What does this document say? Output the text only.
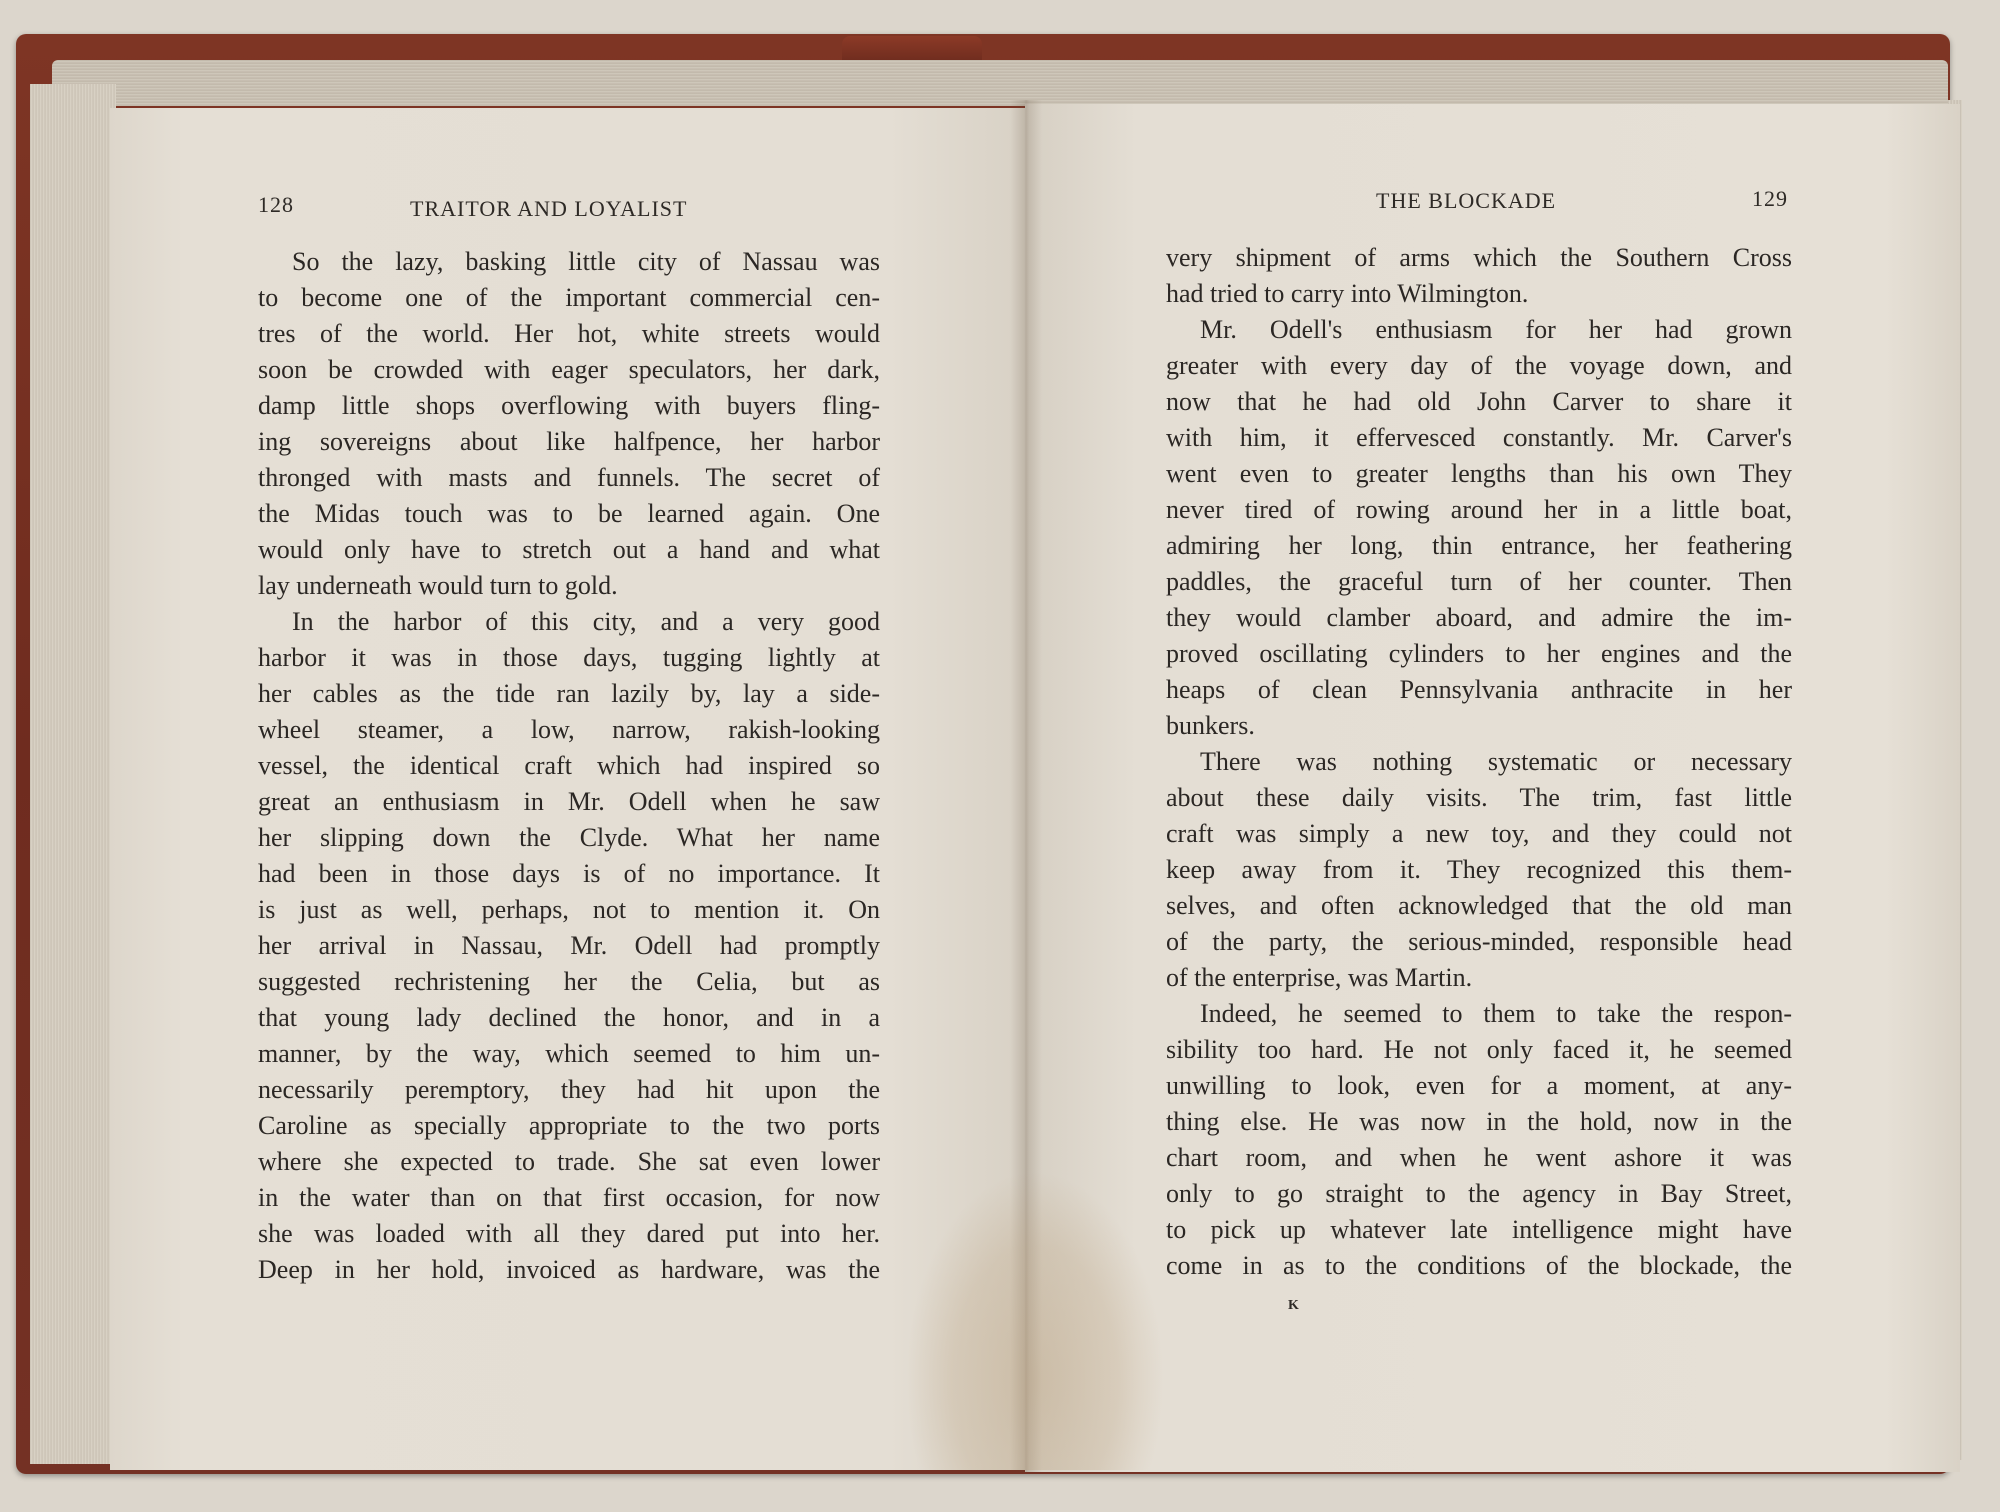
128	TRAITOR AND LOYALIST	THE BLOCKADE	129
So the lazy, basking little city of Nassau was
to become one of the important commercial cen-
tres of the world. Her hot, white streets would
soon be crowded with eager speculators, her dark,
damp little shops overflowing with buyers fling-
ing sovereigns about like halfpence, her harbor
thronged with masts and funnels. The secret of
the Midas touch was to be learned again. One
would only have to stretch out a hand and what
lay underneath would turn to gold.
In the harbor of this city, and a very good
harbor it was in those days, tugging lightly at
her cables as the tide ran lazily by, lay a side-
wheel steamer, a low, narrow, rakish-looking
vessel, the identical craft which had inspired so
great an enthusiasm in Mr. Odell when he saw
her slipping down the Clyde. What her name
had been in those days is of no importance. It
is just as well, perhaps, not to mention it. On
her arrival in Nassau, Mr. Odell had promptly
suggested rechristening her the Celia, but as
that young lady declined the honor, and in a
manner, by the way, which seemed to him un-
necessarily peremptory, they had hit upon the
Caroline as specially appropriate to the two ports
where she expected to trade. She sat even lower
in the water than on that first occasion, for now
she was loaded with all they dared put into her.
Deep in her hold, invoiced as hardware, was the
very shipment of arms which the Southern Cross
had tried to carry into Wilmington.
Mr. Odell's enthusiasm for her had grown
greater with every day of the voyage down, and
now that he had old John Carver to share it
with him, it effervesced constantly. Mr. Carver's
went even to greater lengths than his own They
never tired of rowing around her in a little boat,
admiring her long, thin entrance, her feathering
paddles, the graceful turn of her counter. Then
they would clamber aboard, and admire the im-
proved oscillating cylinders to her engines and the
heaps of clean Pennsylvania anthracite in her
bunkers.
There was nothing systematic or necessary
about these daily visits. The trim, fast little
craft was simply a new toy, and they could not
keep away from it. They recognized this them-
selves, and often acknowledged that the old man
of the party, the serious-minded, responsible head
of the enterprise, was Martin.
Indeed, he seemed to them to take the respon-
sibility too hard. He not only faced it, he seemed
unwilling to look, even for a moment, at any-
thing else. He was now in the hold, now in the
chart room, and when he went ashore it was
only to go straight to the agency in Bay Street,
to pick up whatever late intelligence might have
come in as to the conditions of the blockade, the
K
